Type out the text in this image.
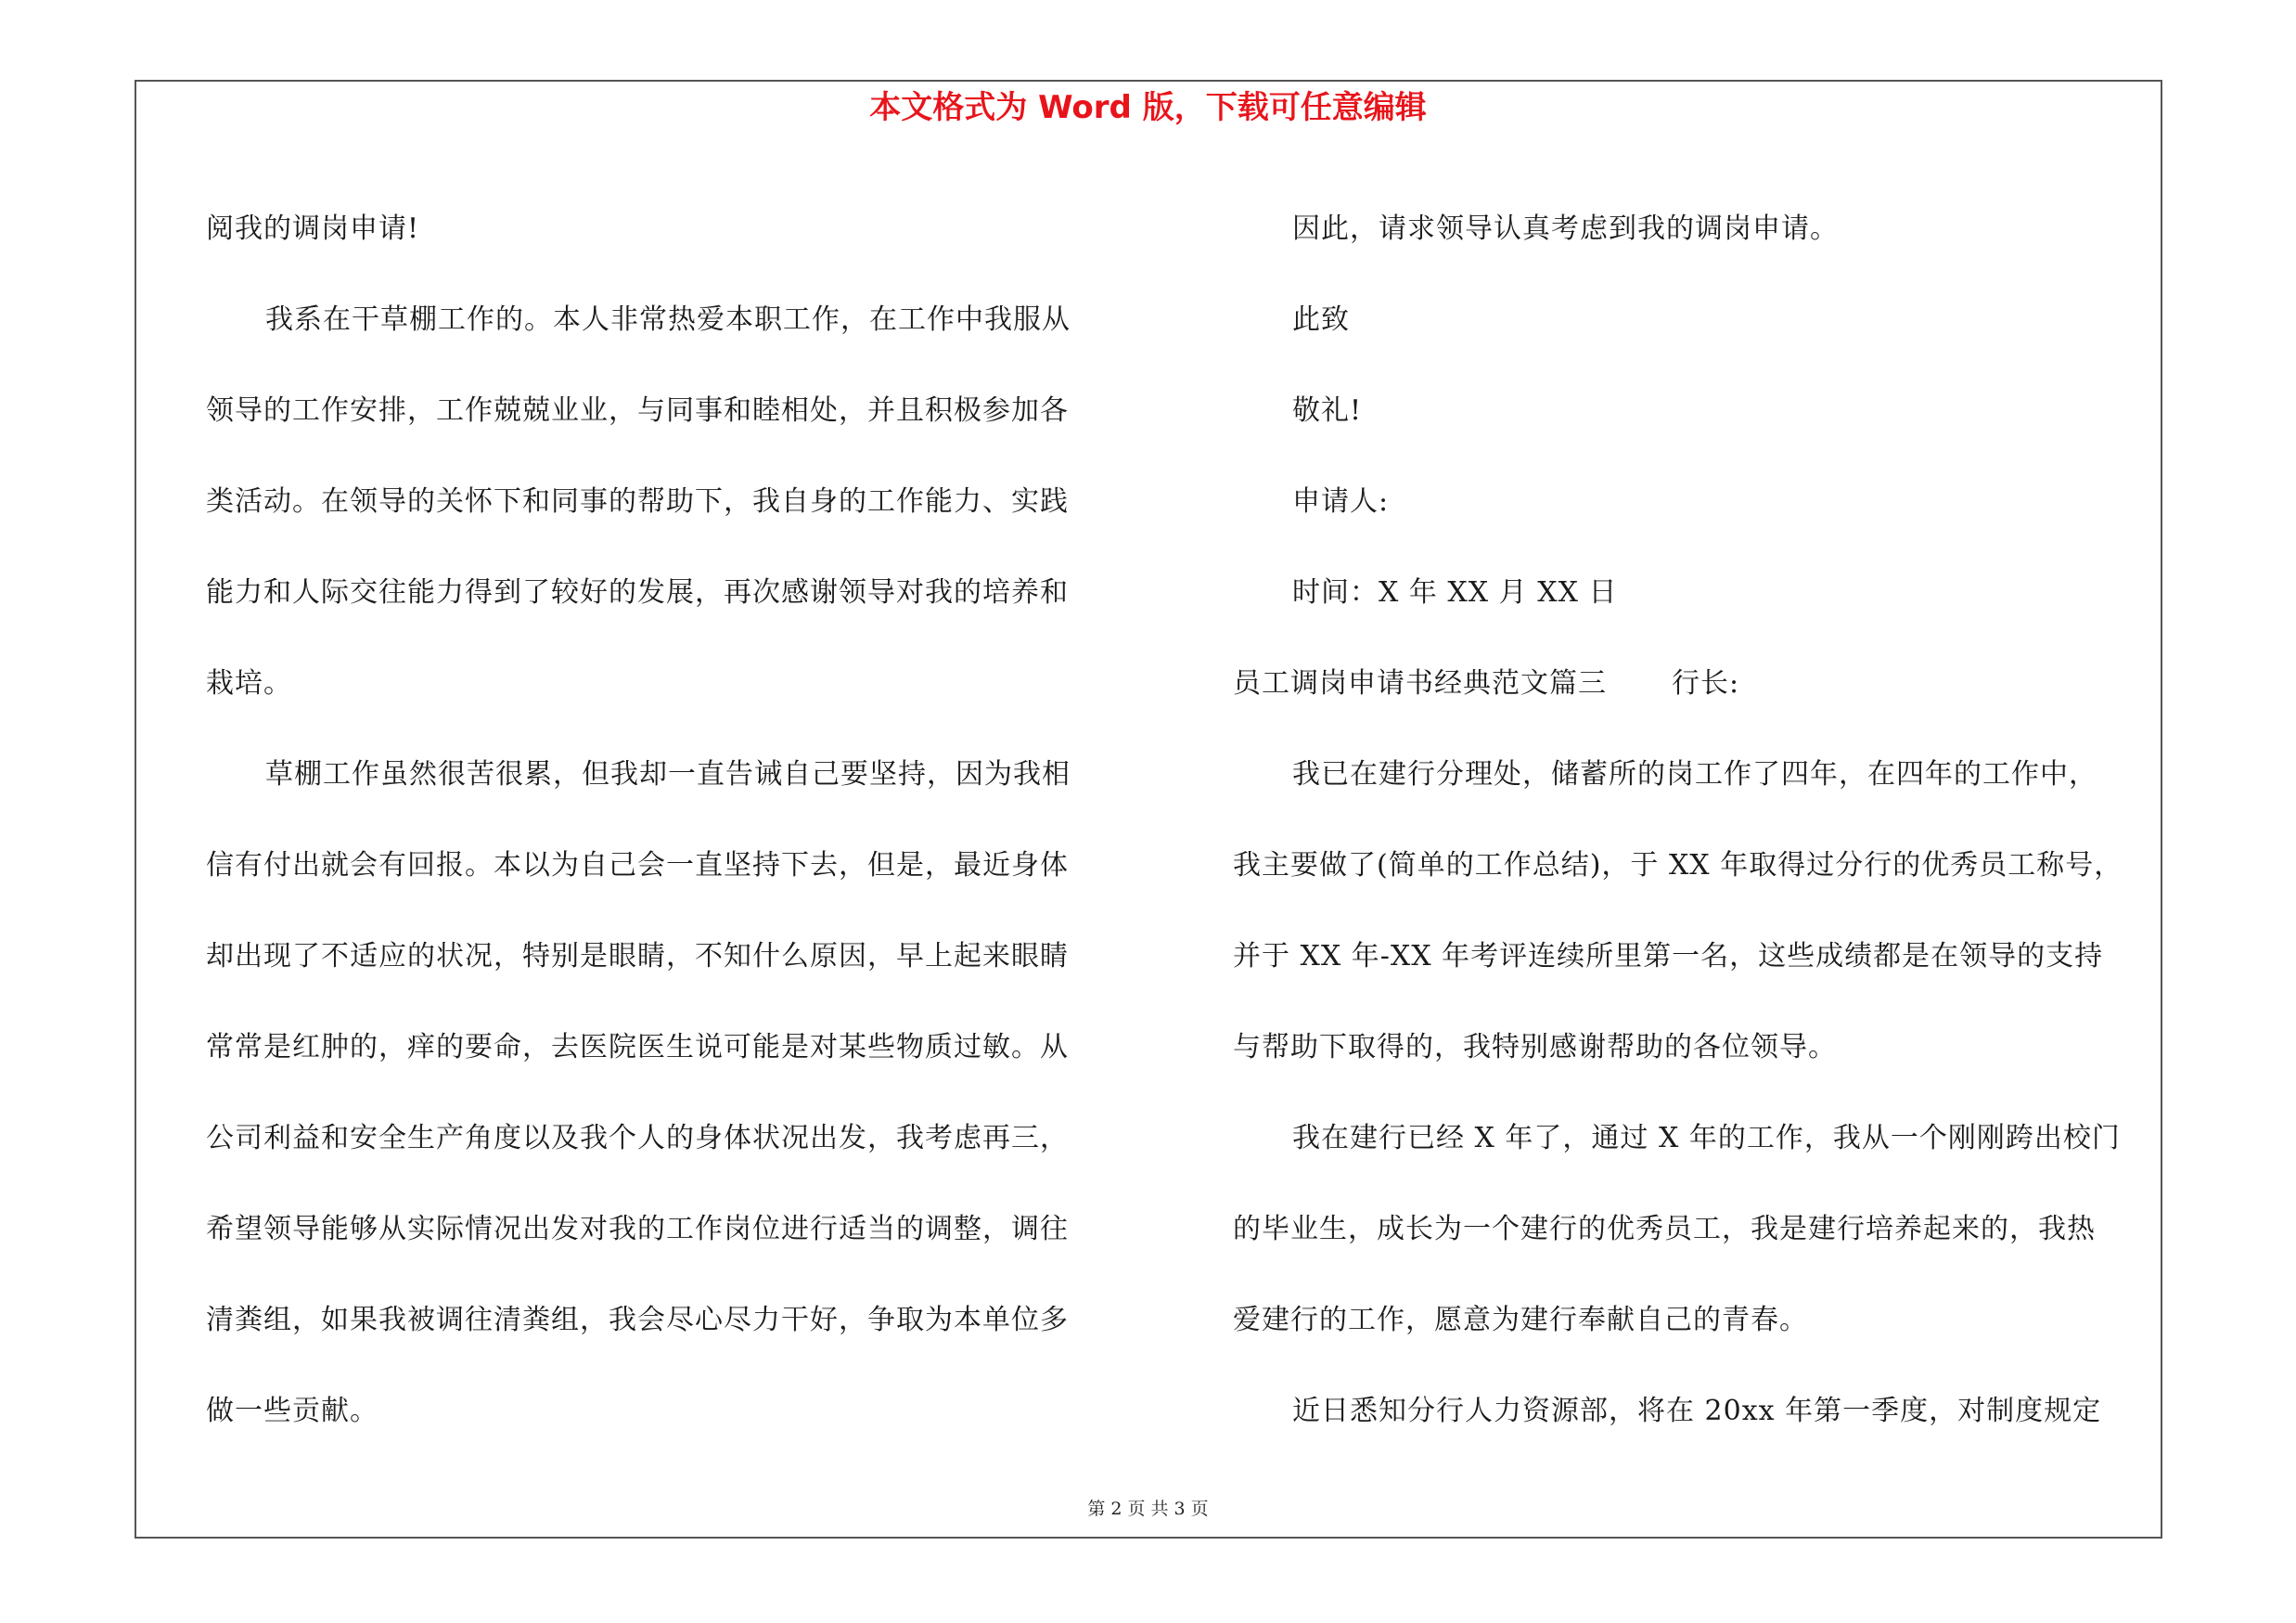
本文格式为 Word 版，下载可任意编辑
阅我的调岗申请!
我系在干草棚工作的。本人非常热爱本职工作，在工作中我服从
领导的工作安排，工作兢兢业业，与同事和睦相处，并且积极参加各
类活动。在领导的关怀下和同事的帮助下，我自身的工作能力、实践
能力和人际交往能力得到了较好的发展，再次感谢领导对我的培养和
栽培。
草棚工作虽然很苦很累，但我却一直告诫自己要坚持，因为我相
信有付出就会有回报。本以为自己会一直坚持下去，但是，最近身体
却出现了不适应的状况，特别是眼睛，不知什么原因，早上起来眼睛
常常是红肿的，痒的要命，去医院医生说可能是对某些物质过敏。从
公司利益和安全生产角度以及我个人的身体状况出发，我考虑再三，
希望领导能够从实际情况出发对我的工作岗位进行适当的调整，调往
清粪组，如果我被调往清粪组，我会尽心尽力干好，争取为本单位多
做一些贡献。
因此，请求领导认真考虑到我的调岗申请。
此致
敬礼!
申请人:
时间：X 年 XX 月 XX 日
员工调岗申请书经典范文篇三 行长:
我已在建行分理处，储蓄所的岗工作了四年，在四年的工作中，
我主要做了(简单的工作总结)，于 XX 年取得过分行的优秀员工称号，
并于 XX 年-XX 年考评连续所里第一名，这些成绩都是在领导的支持
与帮助下取得的，我特别感谢帮助的各位领导。
我在建行已经 X 年了，通过 X 年的工作，我从一个刚刚跨出校门
的毕业生，成长为一个建行的优秀员工，我是建行培养起来的，我热
爱建行的工作，愿意为建行奉献自己的青春。
近日悉知分行人力资源部，将在 20xx 年第一季度，对制度规定
第 2 页 共 3 页
